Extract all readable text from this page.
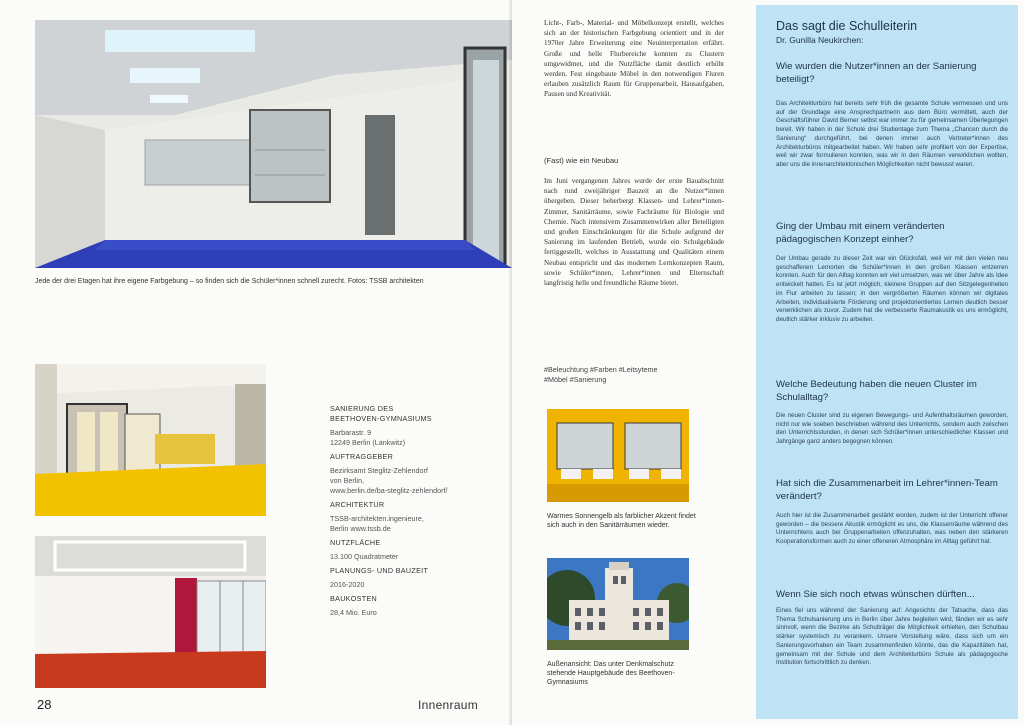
Jede der drei Etagen hat ihre eigene Farbgebung – so finden sich die Schüler*innen schnell zurecht. Fotos: TSSB architekten
SANIERUNG DES
BEETHOVEN-GYMNASIUMS
Barbarastr. 9
12249 Berlin (Lankwitz)
AUFTRAGGEBER
Bezirksamt Steglitz-Zehlendorf
von Berlin,
www.berlin.de/ba-steglitz-zehlendorf/
ARCHITEKTUR
TSSB-architekten.ingenieure,
Berlin www.tssb.de
NUTZFLÄCHE
13.100 Quadratmeter
PLANUNGS- UND BAUZEIT
2016-2020
BAUKOSTEN
28,4 Mio. Euro
28	Innenraum
Licht-, Farb-, Material- und Möbelkonzept erstellt, welches sich an der historischen Farbgebung orientiert und in der 1970er Jahre Erweiterung eine Neuinterpretation erfährt. Große und helle Flurbereiche konnten zu Clustern umgewidmet, und die Nutzfläche damit deutlich erhöht werden. Fest eingebaute Möbel in den notwendigen Fluren erlauben zusätzlich Raum für Gruppenarbeit, Hausaufgaben, Pausen und Kreativität.
(Fast) wie ein Neubau
Im Juni vergangenen Jahres wurde der erste Bauabschnitt nach rund zweijähriger Bauzeit an die Nutzer*innen übergeben. Dieser beherbergt Klassen- und Lehrer*innen-Zimmer, Sanitärräume, sowie Fachräume für Biologie und Chemie. Nach intensivem Zusammenwirken aller Beteiligten und großen Einschränkungen für die Schule aufgrund der Sanierung im laufenden Betrieb, wurde ein Schulgebäude fertiggestellt, welches in Ausstattung und Qualitäten einem Neubau entspricht und das modernen Lernkonzepten Raum, sowie Schüler*innen, Lehrer*innen und Elternschaft langfristig helle und freundliche Räume bietet.
#Beleuchtung #Farben #Leitsyteme
#Möbel #Sanierung
Warmes Sonnengelb als farblicher Akzent findet sich auch in den Sanitärräumen wieder.
Außenansicht: Das unter Denkmalschutz stehende Hauptgebäude des Beethoven-Gymnasiums
Das sagt die Schulleiterin
Dr. Gunilla Neukirchen:
Wie wurden die Nutzer*innen an der Sanierung beteiligt?
Das Architekturbüro hat bereits sehr früh die gesamte Schule vermessen und uns auf der Grundlage eine Ansprechpartnerin aus dem Büro vermittelt, auch der Geschäftsführer David Berner selbst war immer zu für gemeinsamen Überlegungen bereit. Wir haben in der Schule drei Studientage zum Thema „Chancen durch die Sanierung“ durchgeführt, bei denen immer auch Vertreter*innen des Architekturbüros mitgearbeitet haben. Wir haben sehr profitiert von der Expertise, weil wir zwar formulieren konnten, was wir in den Räumen verwirklichen wollten, aber uns die innenarchitektonischen Möglichkeiten nicht bewusst waren.
Ging der Umbau mit einem veränderten pädagogischen Konzept einher?
Der Umbau gerade zu dieser Zeit war ein Glücksfall, weil wir mit den vielen neu geschaffenen Lernorten die Schüler*innen in den großen Klassen entzerren konnten. Auch für den Alltag konnten wir viel umsetzen, was wir über Jahre als Idee entwickelt hatten. Es ist jetzt möglich, kleinere Gruppen auf den Sitzgelegenheiten im Flur arbeiten zu lassen; in den vergrößerten Räumen können wir digitales Arbeiten, individualisierte Förderung und projektorientiertes Lernen deutlich besser verwirklichen als zuvor. Zudem hat die verbesserte Raumakustik es uns ermöglicht, deutlich stärker inklusiv zu arbeiten.
Welche Bedeutung haben die neuen Cluster im Schulalltag?
Die neuen Cluster sind zu eigenen Bewegungs- und Aufenthaltsräumen geworden, nicht nur wie soeben beschrieben während des Unterrichts, sondern auch zwischen den Unterrichtsstunden, in denen sich Schüler*innen unterschiedlicher Klassen und Jahrgänge ganz anders begegnen können.
Hat sich die Zusammenarbeit im Lehrer*innen-Team verändert?
Auch hier ist die Zusammenarbeit gestärkt worden, zudem ist der Unterricht offener geworden – die bessere Akustik ermöglicht es uns, die Klassenräume während des Unterrichtens auch bei Gruppenarbeiten offenzuhalten, was neben den stärkeren Kooperationsformen auch zu einer offeneren Atmosphäre im Alltag geführt hat.
Wenn Sie sich noch etwas wünschen dürften...
Eines fiel uns während der Sanierung auf: Angesichts der Tatsache, dass das Thema Schulsanierung uns in Berlin über Jahre begleiten wird, fänden wir es sehr sinnvoll, wenn die Bezirke als Schulträger die Möglichkeit erhielten, den Schulbau stärker systemisch zu verankern. Unsere Vorstellung wäre, dass sich um ein Sanierungsvorhaben ein Team zusammenfinden könnte, das die Kapazitäten hat, gemeinsam mit der Schule und dem Architekturbüro Schule als pädagogische Institution fortschrittlich zu denken.
